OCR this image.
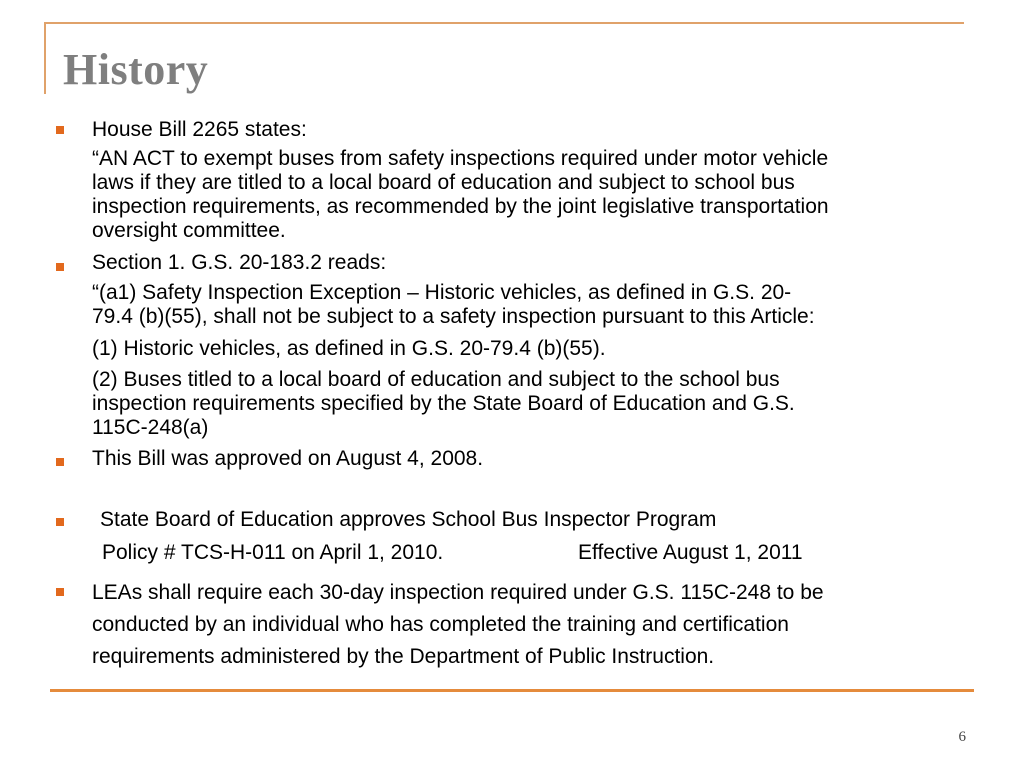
History
House Bill 2265 states:
“AN ACT to exempt buses from safety inspections required under motor vehicle
laws if they are titled to a local board of education and subject to school bus
inspection requirements, as recommended by the joint legislative transportation
oversight committee.
Section 1. G.S. 20-183.2 reads:
“(a1) Safety Inspection Exception – Historic vehicles, as defined in G.S. 20-
79.4 (b)(55), shall not be subject to a safety inspection pursuant to this Article:
(1) Historic vehicles, as defined in G.S. 20-79.4 (b)(55).
(2) Buses titled to a local board of education and subject to the school bus
inspection requirements specified by the State Board of Education and G.S.
115C-248(a)
This Bill was approved on August 4, 2008.
State Board of Education approves School Bus Inspector Program
Policy # TCS-H-011 on April 1, 2010.	Effective August 1, 2011
LEAs shall require each 30-day inspection required under G.S. 115C-248 to be
conducted by an individual who has completed the training and certification
requirements administered by the Department of Public Instruction.
6
